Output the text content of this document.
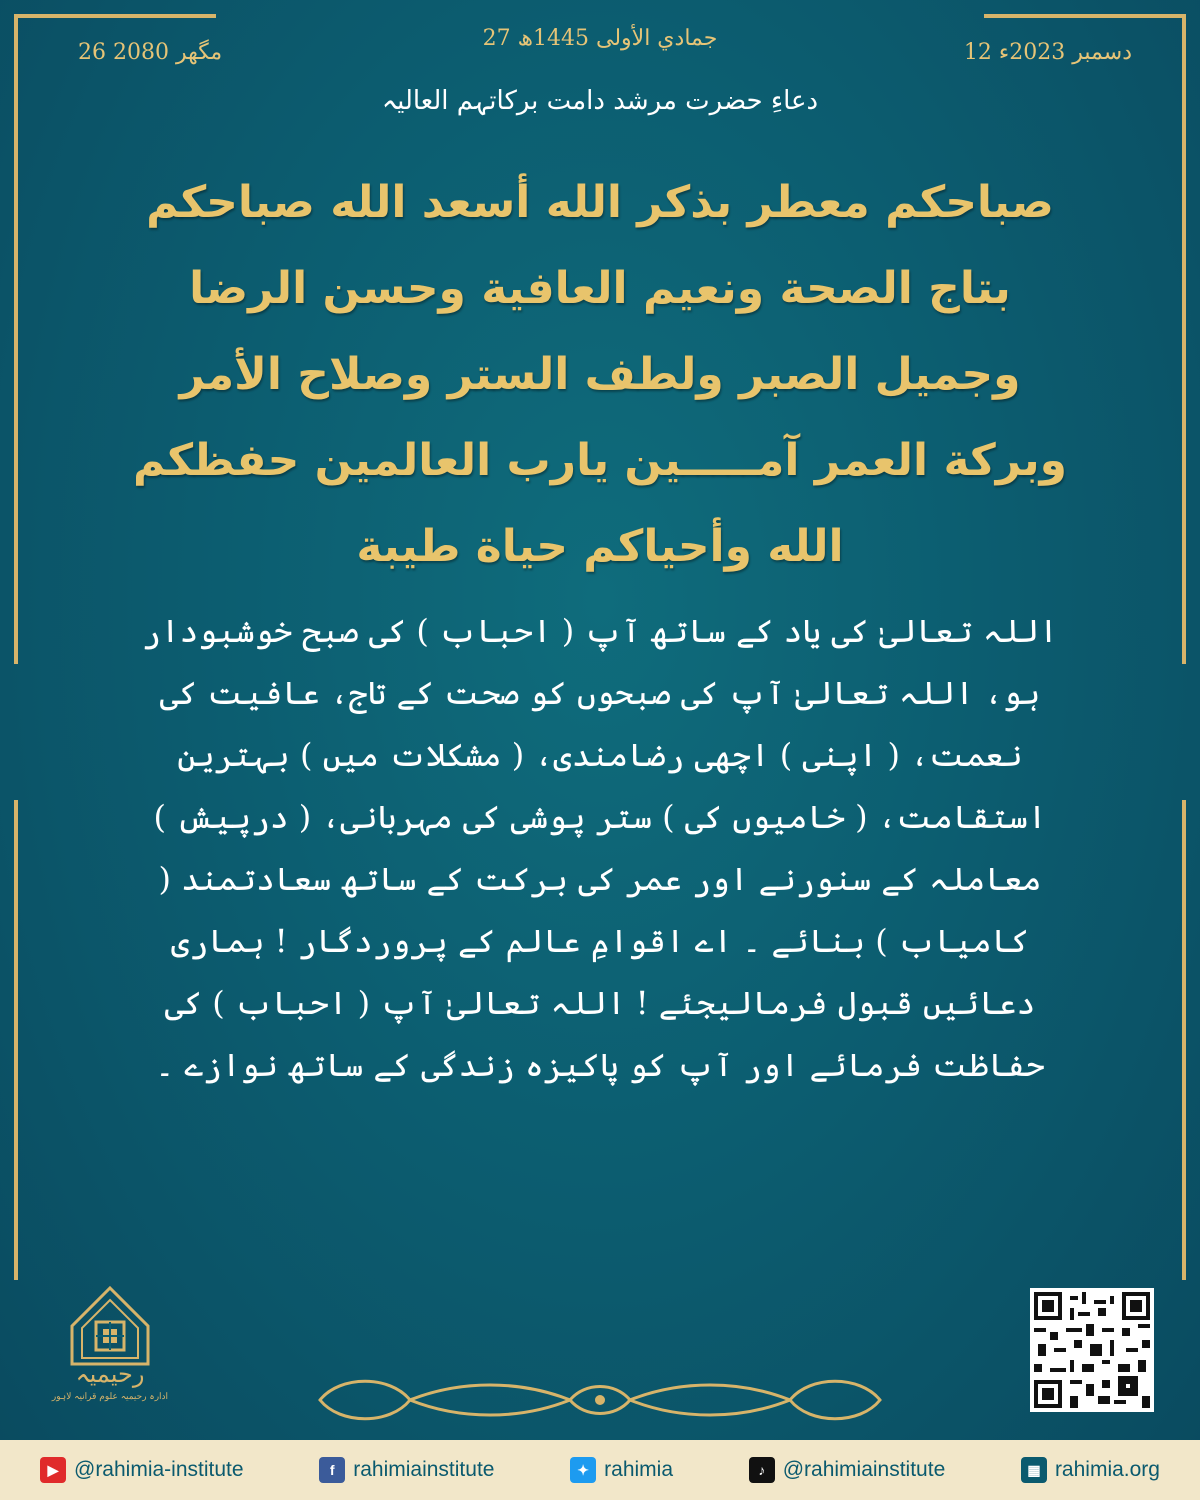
26 مگھر 2080
27 جمادي الأولى 1445ھ
12 دسمبر 2023ء
دعاءِ حضرت مرشد دامت برکاتہم العالیہ
صباحكم معطر بذكر الله أسعد الله صباحكم بتاج الصحة ونعيم العافية وحسن الرضا وجميل الصبر ولطف الستر وصلاح الأمر وبركة العمر آمـــــين يارب العالمين حفظكم الله وأحياكم حياة طيبة
اللہ تعالیٰ کی یاد کے ساتھ آپ ( احباب ) کی صبح خوشبودار ہو، اللہ تعالیٰ آپ کی صبحوں کو صحت کے تاج، عافیت کی نعمت، ( اپنی ) اچھی رضامندی، ( مشکلات میں ) بہترین استقامت، ( خامیوں کی ) ستر پوشی کی مہربانی، ( درپیش ) معاملہ کے سنورنے اور عمر کی برکت کے ساتھ سعادتمند ( کامیاب ) بنائے ۔ اے اقوامِ عالم کے پروردگار ! ہماری دعائیں قبول فرمالیجئے ! اللہ تعالیٰ آپ ( احباب ) کی حفاظت فرمائے اور آپ کو پاکیزہ زندگی کے ساتھ نوازے ۔
رحیمیہ
ادارہ رحیمیہ علوم قرآنیہ لاہور
▶ @rahimia-institute	f rahimiainstitute	✦ rahimia	♪ @rahimiainstitute	▦ rahimia.org
